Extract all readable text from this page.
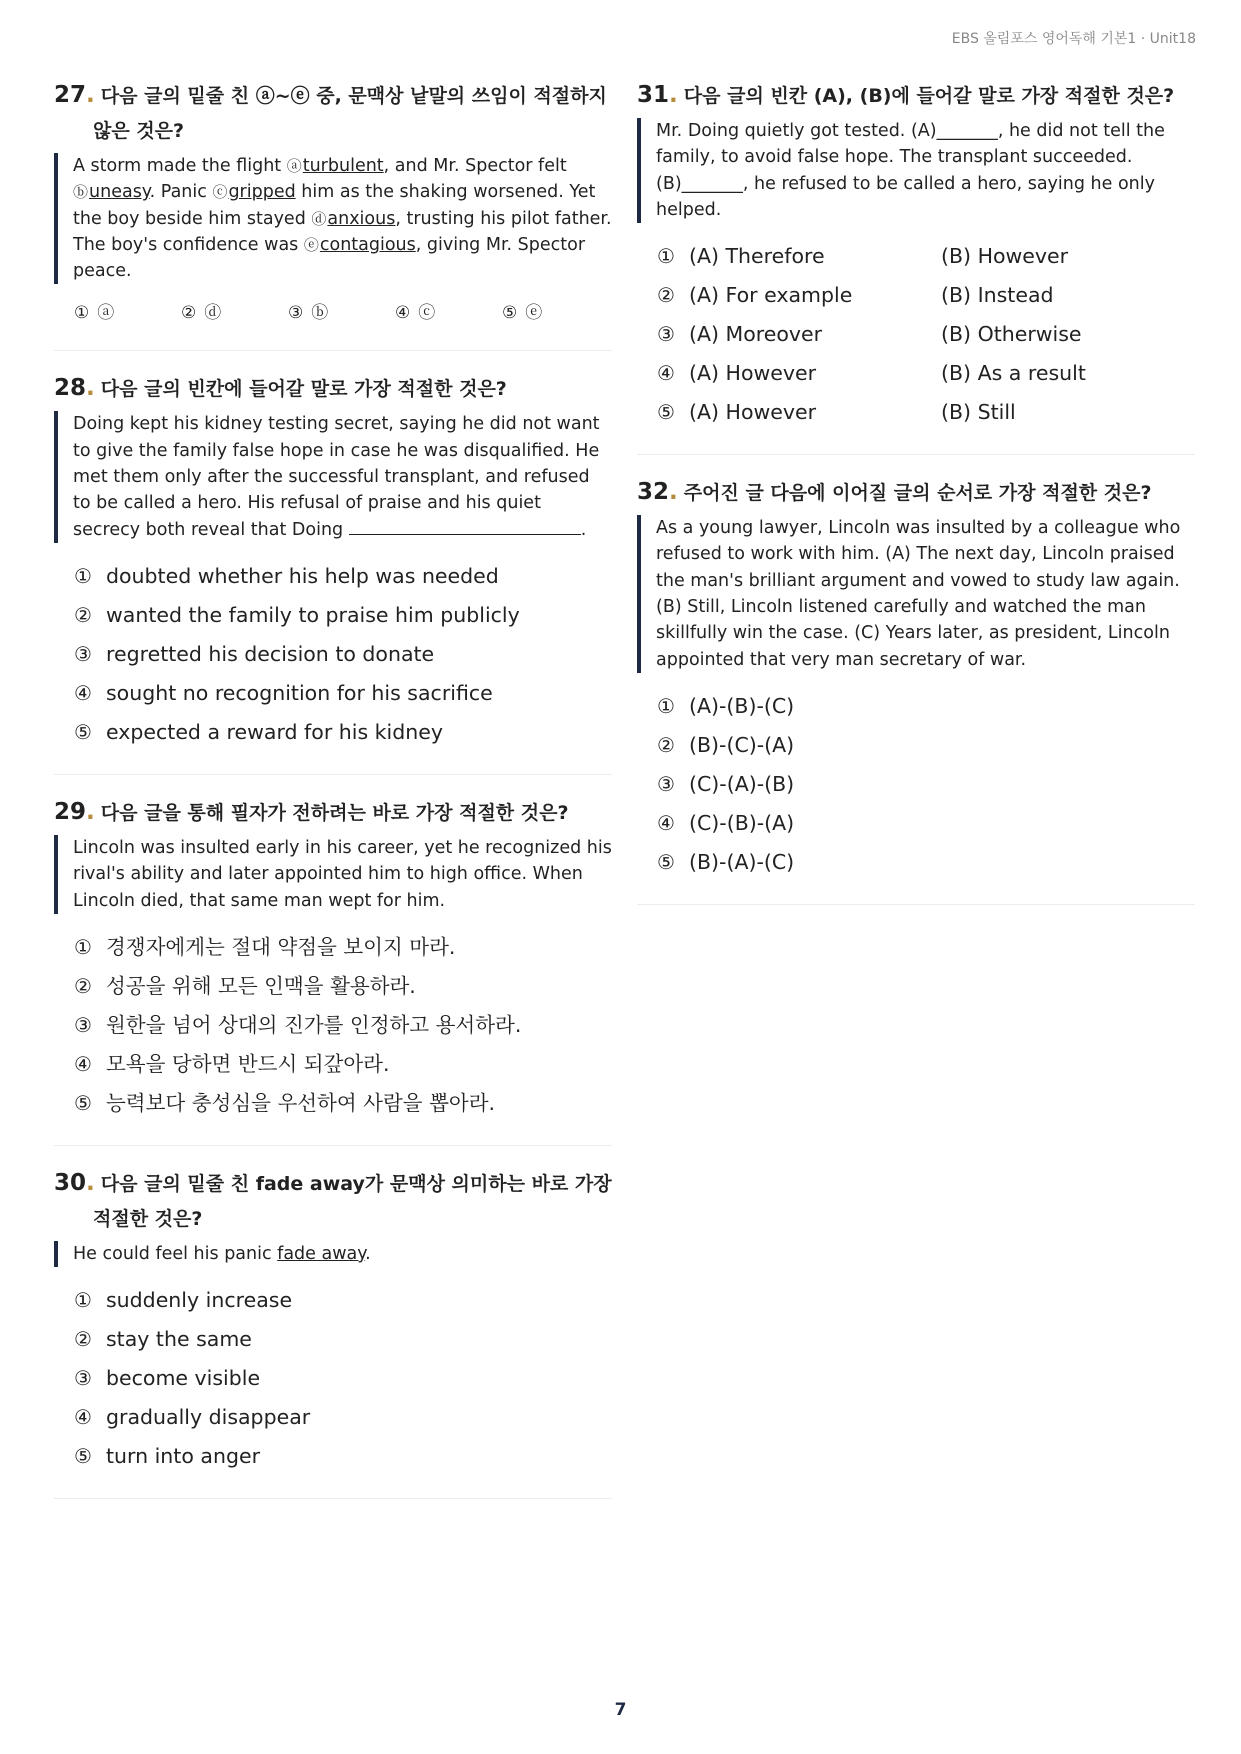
EBS 올림포스 영어독해 기본1 · Unit18
27. 다음 글의 밑줄 친 ⓐ~ⓔ 중, 문맥상 낱말의 쓰임이 적절하지 않은 것은?
A storm made the flight ⓐturbulent, and Mr. Spector felt ⓑuneasy. Panic ⓒgripped him as the shaking worsened. Yet the boy beside him stayed ⓓanxious, trusting his pilot father. The boy's confidence was ⓔcontagious, giving Mr. Spector peace.
① ⓐ	② ⓓ	③ ⓑ	④ ⓒ	⑤ ⓔ
28. 다음 글의 빈칸에 들어갈 말로 가장 적절한 것은?
Doing kept his kidney testing secret, saying he did not want to give the family false hope in case he was disqualified. He met them only after the successful transplant, and refused to be called a hero. His refusal of praise and his quiet secrecy both reveal that Doing	.
① doubted whether his help was needed
② wanted the family to praise him publicly
③ regretted his decision to donate
④ sought no recognition for his sacrifice
⑤ expected a reward for his kidney
29. 다음 글을 통해 필자가 전하려는 바로 가장 적절한 것은?
Lincoln was insulted early in his career, yet he recognized his rival's ability and later appointed him to high office. When Lincoln died, that same man wept for him.
① 경쟁자에게는 절대 약점을 보이지 마라.
② 성공을 위해 모든 인맥을 활용하라.
③ 원한을 넘어 상대의 진가를 인정하고 용서하라.
④ 모욕을 당하면 반드시 되갚아라.
⑤ 능력보다 충성심을 우선하여 사람을 뽑아라.
30. 다음 글의 밑줄 친 fade away가 문맥상 의미하는 바로 가장 적절한 것은?
He could feel his panic fade away.
① suddenly increase
② stay the same
③ become visible
④ gradually disappear
⑤ turn into anger
31. 다음 글의 빈칸 (A), (B)에 들어갈 말로 가장 적절한 것은?
Mr. Doing quietly got tested. (A)_______, he did not tell the family, to avoid false hope. The transplant succeeded. (B)_______, he refused to be called a hero, saying he only helped.
① (A) Therefore	(B) However
② (A) For example	(B) Instead
③ (A) Moreover	(B) Otherwise
④ (A) However	(B) As a result
⑤ (A) However	(B) Still
32. 주어진 글 다음에 이어질 글의 순서로 가장 적절한 것은?
As a young lawyer, Lincoln was insulted by a colleague who refused to work with him. (A) The next day, Lincoln praised the man's brilliant argument and vowed to study law again. (B) Still, Lincoln listened carefully and watched the man skillfully win the case. (C) Years later, as president, Lincoln appointed that very man secretary of war.
① (A)-(B)-(C)
② (B)-(C)-(A)
③ (C)-(A)-(B)
④ (C)-(B)-(A)
⑤ (B)-(A)-(C)
7
